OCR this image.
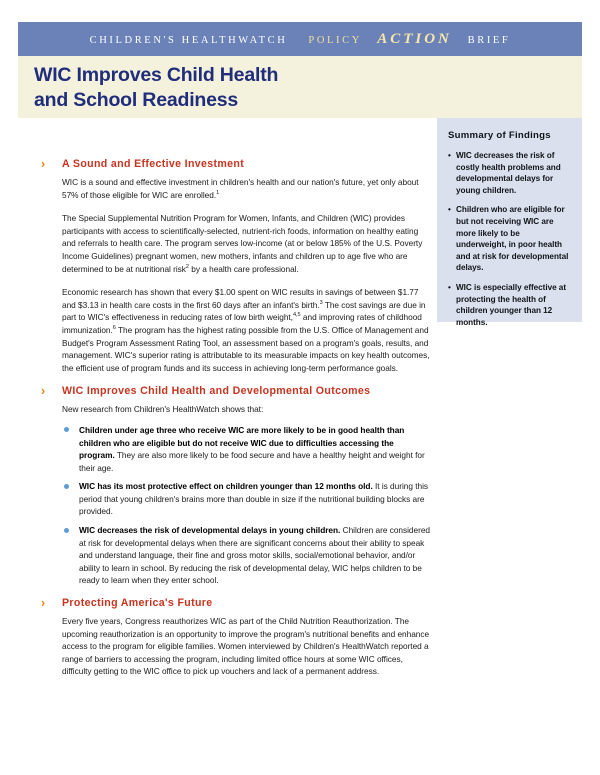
CHILDREN'S HEALTHWATCH POLICY ACTION BRIEF
WIC Improves Child Health
and School Readiness
Summary of Findings
• WIC decreases the risk of costly health problems and developmental delays for young children.
• Children who are eligible for but not receiving WIC are more likely to be underweight, in poor health and at risk for developmental delays.
• WIC is especially effective at protecting the health of children younger than 12 months.
› A Sound and Effective Investment

WIC is a sound and effective investment in children's health and our nation's future, yet only about 57% of those eligible for WIC are enrolled.$^1$

The Special Supplemental Nutrition Program for Women, Infants, and Children (WIC) provides participants with access to scientifically-selected, nutrient-rich foods, information on healthy eating and referrals to health care. The program serves low-income (at or below 185% of the U.S. Poverty Income Guidelines) pregnant women, new mothers, infants and children up to age five who are determined to be at nutritional risk$^2$ by a health care professional.

Economic research has shown that every $1.00 spent on WIC results in savings of between $1.77 and $3.13 in health care costs in the first 60 days after an infant's birth.$^3$ The cost savings are due in part to WIC's effectiveness in reducing rates of low birth weight,$^{4,5}$ and improving rates of childhood immunization.$^6$ The program has the highest rating possible from the U.S. Office of Management and Budget's Program Assessment Rating Tool, an assessment based on a program's goals, results, and management. WIC's superior rating is attributable to its measurable impacts on key health outcomes, the efficient use of program funds and its success in achieving long-term performance goals.

› WIC Improves Child Health and Developmental Outcomes

New research from Children's HealthWatch shows that:

Children under age three who receive WIC are more likely to be in good health than children who are eligible but do not receive WIC due to difficulties accessing the program. They are also more likely to be food secure and have a healthy height and weight for their age.
WIC has its most protective effect on children younger than 12 months old. It is during this period that young children's brains more than double in size if the nutritional building blocks are provided.
WIC decreases the risk of developmental delays in young children. Children are considered at risk for developmental delays when there are significant concerns about their ability to speak and understand language, their fine and gross motor skills, social/emotional behavior, and/or ability to learn in school. By reducing the risk of developmental delay, WIC helps children to be ready to learn when they enter school.
› Protecting America's Future

Every five years, Congress reauthorizes WIC as part of the Child Nutrition Reauthorization. The upcoming reauthorization is an opportunity to improve the program's nutritional benefits and enhance access to the program for eligible families. Women interviewed by Children's HealthWatch reported a range of barriers to accessing the program, including limited office hours at some WIC offices, difficulty getting to the WIC office to pick up vouchers and lack of a permanent address.
